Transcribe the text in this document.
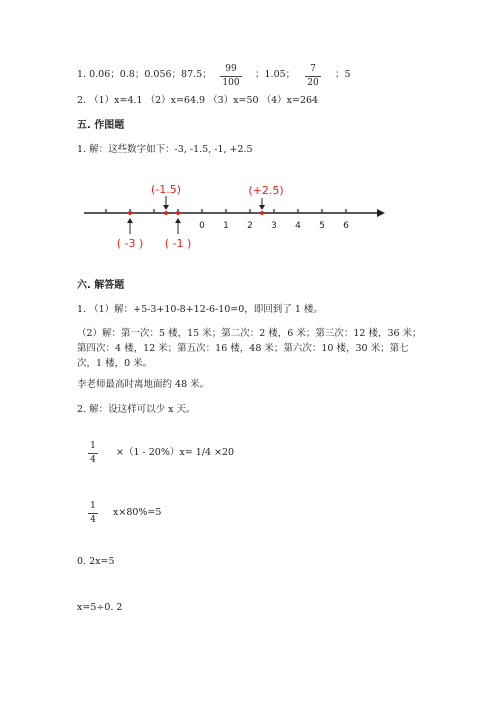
1. 0.06；0.8；0.056；87.5； $\frac{99}{100}$ ；1.05； $\frac{7}{20}$ ；5
2. （1）x=4.1 （2）x=64.9 （3）x=50 （4）x=264
五. 作图题
1. 解：这些数字如下：-3, -1.5, -1, +2.5
0 1 2 3 4 5 6
(-1.5)	(+2.5)
( -3 ) ( -1 )
六. 解答题
1. （1）解：+5-3+10-8+12-6-10=0，即回到了 1 楼。
（2）解：第一次：5 楼，15 米；第二次：2 楼，6 米；第三次：12 楼，36 米；第四次：4 楼，12 米；第五次：16 楼，48 米；第六次：10 楼，30 米；第七次，1 楼，0 米。
李老师最高时离地面约 48 米。
2. 解：设这样可以少 x 天。
$\frac{1}{4} \times(1 - 20\%)x= 1/4 \times 20$
$\frac{1}{4} x\times 80\%=5$
0. 2x=5
x=5÷0. 2
